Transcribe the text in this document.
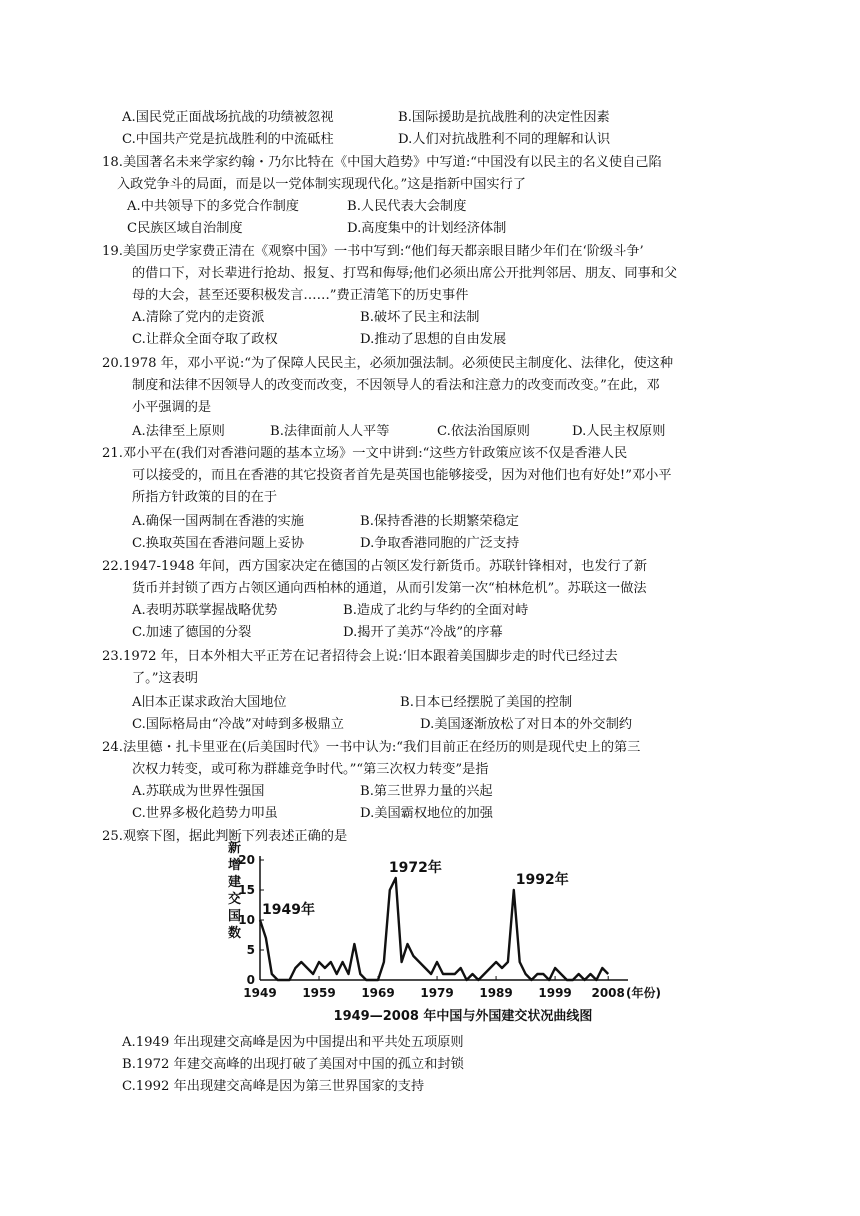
A.国民党正面战场抗战的功绩被忽视	B.国际援助是抗战胜利的决定性因素
C.中国共产党是抗战胜利的中流砥柱	D.人们对抗战胜利不同的理解和认识
18.美国著名未来学家约翰・乃尔比特在《中国大趋势》中写道:“中国没有以民主的名义使自己陷
入政党争斗的局面，而是以一党体制实现现代化。”这是指新中国实行了
A.中共领导下的多党合作制度	B.人民代表大会制度
C民族区域自治制度	D.高度集中的计划经济体制
19.美国历史学家费正清在《观察中国》一书中写到:“他们每天都亲眼目睹少年们在‘阶级斗争’
的借口下，对长辈进行抢劫、报复、打骂和侮辱;他们必须出席公开批判邻居、朋友、同事和父
母的大会，甚至还要积极发言……”费正清笔下的历史事件
A.清除了党内的走资派	B.破坏了民主和法制
C.让群众全面夺取了政权	D.推动了思想的自由发展
20.1978 年，邓小平说:“为了保障人民民主，必须加强法制。必须使民主制度化、法律化，使这种
制度和法律不因领导人的改变而改变，不因领导人的看法和注意力的改变而改变。”在此，邓
小平强调的是
A.法律至上原则	B.法律面前人人平等	C.依法治国原则	D.人民主权原则
21.邓小平在(我们对香港问题的基本立场》一文中讲到:“这些方针政策应该不仅是香港人民
可以接受的，而且在香港的其它投资者首先是英国也能够接受，因为对他们也有好处!”邓小平
所指方针政策的目的在于
A.确保一国两制在香港的实施	B.保持香港的长期繁荣稳定
C.换取英国在香港问题上妥协	D.争取香港同胞的广泛支持
22.1947-1948 年间，西方国家决定在德国的占领区发行新货币。苏联针锋相对，也发行了新
货币并封锁了西方占领区通向西柏林的通道，从而引发第一次“柏林危机”。苏联这一做法
A.表明苏联掌握战略优势	B.造成了北约与华约的全面对峙
C.加速了德国的分裂	D.揭开了美苏“冷战”的序幕
23.1972 年，日本外相大平正芳在记者招待会上说:‘旧本跟着美国脚步走的时代已经过去
了。”这表明
A旧本正谋求政治大国地位	B.日本已经摆脱了美国的控制
C.国际格局由“冷战”对峙到多极鼎立	D.美国逐渐放松了对日本的外交制约
24.法里德・扎卡里亚在(后美国时代》一书中认为:“我们目前正在经历的则是现代史上的第三
次权力转变，或可称为群雄竞争时代。”“第三次权力转变”是指
A.苏联成为世界性强国	B.第三世界力量的兴起
C.世界多极化趋势力叩虽	D.美国霸权地位的加强
25.观察下图，据此判断下列表述正确的是
新增建交国数
20
15
10
5
0
1949 1959 1969 1979 1989 1999 2008
1949年
1972年
1992年
(年份)
1949—2008 年中国与外国建交状况曲线图
A.1949 年出现建交高峰是因为中国提出和平共处五项原则
B.1972 年建交高峰的出现打破了美国对中国的孤立和封锁
C.1992 年出现建交高峰是因为第三世界国家的支持
